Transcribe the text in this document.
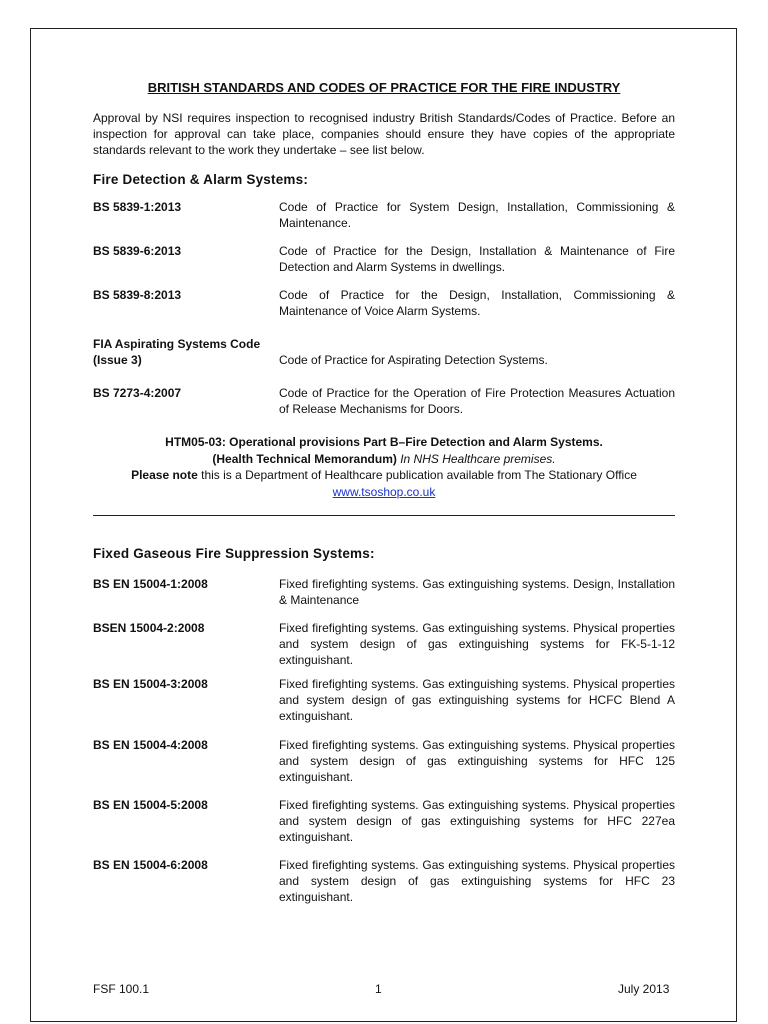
BRITISH STANDARDS AND CODES OF PRACTICE FOR THE FIRE INDUSTRY
Approval by NSI requires inspection to recognised industry British Standards/Codes of Practice. Before an inspection for approval can take place, companies should ensure they have copies of the appropriate standards relevant to the work they undertake – see list below.
Fire Detection & Alarm Systems:
BS 5839-1:2013	Code of Practice for System Design, Installation, Commissioning & Maintenance.
BS 5839-6:2013	Code of Practice for the Design, Installation & Maintenance of Fire Detection and Alarm Systems in dwellings.
BS 5839-8:2013	Code of Practice for the Design, Installation, Commissioning & Maintenance of Voice Alarm Systems.
FIA Aspirating Systems Code
(Issue 3)	Code of Practice for Aspirating Detection Systems.
BS 7273-4:2007	Code of Practice for the Operation of Fire Protection Measures Actuation of Release Mechanisms for Doors.
HTM05-03: Operational provisions Part B–Fire Detection and Alarm Systems.
(Health Technical Memorandum) In NHS Healthcare premises.
Please note this is a Department of Healthcare publication available from The Stationary Office
www.tsoshop.co.uk
Fixed Gaseous Fire Suppression Systems:
BS EN 15004-1:2008	Fixed firefighting systems. Gas extinguishing systems. Design, Installation & Maintenance
BSEN 15004-2:2008	Fixed firefighting systems. Gas extinguishing systems. Physical properties and system design of gas extinguishing systems for FK-5-1-12 extinguishant.
BS EN 15004-3:2008	Fixed firefighting systems. Gas extinguishing systems. Physical properties and system design of gas extinguishing systems for HCFC Blend A extinguishant.
BS EN 15004-4:2008	Fixed firefighting systems. Gas extinguishing systems. Physical properties and system design of gas extinguishing systems for HFC 125 extinguishant.
BS EN 15004-5:2008	Fixed firefighting systems. Gas extinguishing systems. Physical properties and system design of gas extinguishing systems for HFC 227ea extinguishant.
BS EN 15004-6:2008	Fixed firefighting systems. Gas extinguishing systems. Physical properties and system design of gas extinguishing systems for HFC 23 extinguishant.
FSF 100.1	1	July 2013
